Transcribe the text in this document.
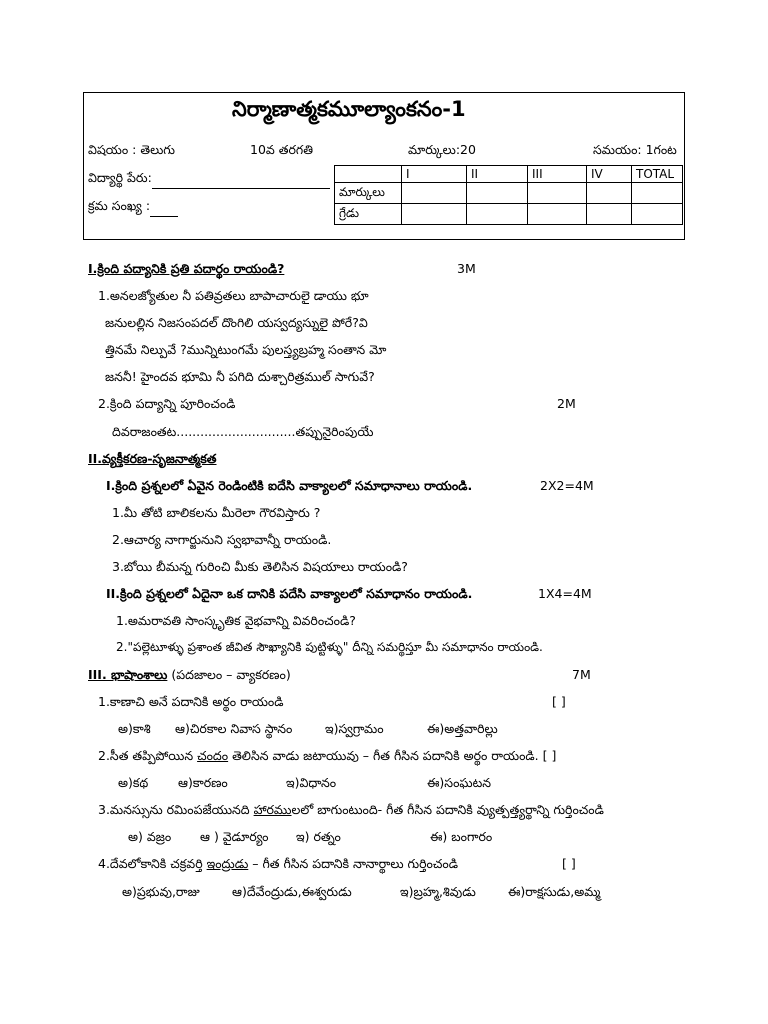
నిర్మాణాత్మకమూల్యాంకనం-1
విషయం : తెలుగు	10వ తరగతి	మార్కులు:20	సమయం: 1గంట
విద్యార్థి పేరు:
క్రమ సంఖ్య :
	I	II	III	IV	TOTAL
మార్కులు					
గ్రేడు					
I.క్రింది పద్యానికి ప్రతి పదార్థం రాయండి?	3M
1.అనలజ్యోతుల నీ పతివ్రతలు బాపాచారులై డాయు భూ
జనులల్లిన నిజసంపదల్ దొంగిలి యస్వద్యస్నులై పోరే?వి
త్తినమే నిల్పువే ?మున్నిటుంగమే పులస్త్యబ్రహ్మ సంతాన మో
జననీ! హైందవ భూమి నీ పగిది దుశ్చారిత్రముల్ సాగువే?
2.క్రింది పద్యాన్ని పూరించండి	2M
దివరాజంతట..............................తప్పునైరింపుయే
II.వ్యక్తీకరణ-సృజనాత్మకత
I.క్రింది ప్రశ్నలలో ఏవైన రెండింటికి ఐదేసి వాక్యాలలో సమాధానాలు రాయండి.	2X2=4M
1.మీ తోటి బాలికలను మీరెలా గౌరవిస్తారు ?
2.ఆచార్య నాగార్జునుని స్వభావాన్నీ రాయండి.
3.బోయి బీమన్న గురించి మీకు తెలిసిన విషయాలు రాయండి?
II.క్రింది ప్రశ్నలలో ఏదైనా ఒక దానికి పదేసి వాక్యాలలో సమాధానం రాయండి.	1X4=4M
1.అమరావతి సాంస్కృతిక వైభవాన్ని వివరించండి?
2."పల్లెటూళ్ళు ప్రశాంత జీవిత సౌఖ్యానికి పుట్టిళ్ళు" దీన్ని సమర్థిస్తూ మీ సమాధానం రాయండి.
III. భాషాంశాలు (పదజాలం – వ్యాకరణం)	7M
1.కాణాచి అనే పదానికి అర్థం రాయండి	[ ]
అ)కాశి ఆ)చిరకాల నివాస స్థానం	ఇ)స్వగ్రామం	ఈ)అత్తవారిల్లు
2.సీత తప్పిపోయిన చందం తెలిసిన వాడు జటాయువు – గీత గీసిన పదానికి అర్థం రాయండి. [ ]
అ)కథ ఆ)కారణం	ఇ)విధానం	ఈ)సంఘటన
3.మనస్సును రమింపజేయునది హారములలో బాగుంటుంది- గీత గీసిన పదానికి వ్యుత్పత్త్యర్థాన్ని గుర్తించండి
అ) వజ్రం ఆ ) వైడూర్యం ఇ) రత్నం	ఈ) బంగారం
4.దేవలోకానికి చక్రవర్తి ఇంద్రుడు – గీత గీసిన పదానికి నానార్థాలు గుర్తించండి	[ ]
అ)ప్రభువు,రాజు	ఆ)దేవేంద్రుడు,ఈశ్వరుడు	ఇ)బ్రహ్మ,శివుడు	ఈ)రాక్షసుడు,అమ్మ
